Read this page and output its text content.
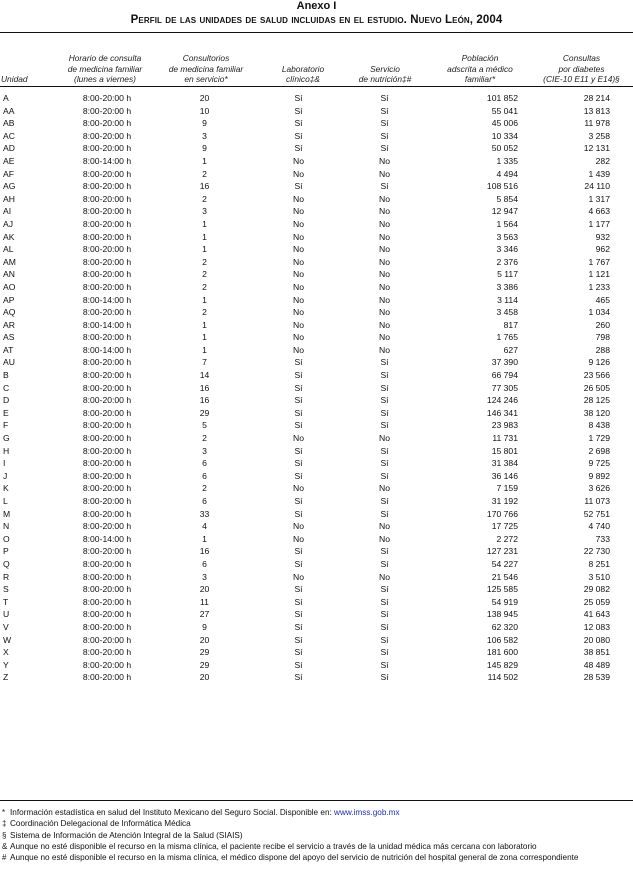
Anexo I
Perfil de las unidades de salud incluidas en el estudio. Nuevo León, 2004
Unidad
Horario de consulta
de medicina familiar
(lunes a viernes)
Consultorios
de medicina familiar
en servicio*
Laboratorio
clínico‡&
Servicio
de nutrición‡#
Población
adscrita a médico
familiar*
Consultas
por diabetes
(CIE-10 E11 y E14)§
A	8:00-20:00 h	20	Sí	Sí	101 852	28 214
AA	8:00-20:00 h	10	Sí	Sí	55 041	13 813
AB	8:00-20:00 h	9	Sí	Sí	45 006	11 978
AC	8:00-20:00 h	3	Sí	Sí	10 334	3 258
AD	8:00-20:00 h	9	Sí	Sí	50 052	12 131
AE	8:00-14:00 h	1	No	No	1 335	282
AF	8:00-20:00 h	2	No	No	4 494	1 439
AG	8:00-20:00 h	16	Sí	Sí	108 516	24 110
AH	8:00-20:00 h	2	No	No	5 854	1 317
AI	8:00-20:00 h	3	No	No	12 947	4 663
AJ	8:00-20:00 h	1	No	No	1 564	1 177
AK	8:00-20:00 h	1	No	No	3 563	932
AL	8:00-20:00 h	1	No	No	3 346	962
AM	8:00-20:00 h	2	No	No	2 376	1 767
AN	8:00-20:00 h	2	No	No	5 117	1 121
AO	8:00-20:00 h	2	No	No	3 386	1 233
AP	8:00-14:00 h	1	No	No	3 114	465
AQ	8:00-20:00 h	2	No	No	3 458	1 034
AR	8:00-14:00 h	1	No	No	817	260
AS	8:00-20:00 h	1	No	No	1 765	798
AT	8:00-14:00 h	1	No	No	627	288
AU	8:00-20:00 h	7	Sí	Sí	37 390	9 126
B	8:00-20:00 h	14	Sí	Sí	66 794	23 566
C	8:00-20:00 h	16	Sí	Sí	77 305	26 505
D	8:00-20:00 h	16	Sí	Sí	124 246	28 125
E	8:00-20:00 h	29	Sí	Sí	146 341	38 120
F	8:00-20:00 h	5	Sí	Sí	23 983	8 438
G	8:00-20:00 h	2	No	No	11 731	1 729
H	8:00-20:00 h	3	Sí	Sí	15 801	2 698
I	8:00-20:00 h	6	Sí	Sí	31 384	9 725
J	8:00-20:00 h	6	Sí	Sí	36 146	9 892
K	8:00-20:00 h	2	No	No	7 159	3 626
L	8:00-20:00 h	6	Sí	Sí	31 192	11 073
M	8:00-20:00 h	33	Sí	Sí	170 766	52 751
N	8:00-20:00 h	4	No	No	17 725	4 740
O	8:00-14:00 h	1	No	No	2 272	733
P	8:00-20:00 h	16	Sí	Sí	127 231	22 730
Q	8:00-20:00 h	6	Sí	Sí	54 227	8 251
R	8:00-20:00 h	3	No	No	21 546	3 510
S	8:00-20:00 h	20	Sí	Sí	125 585	29 082
T	8:00-20:00 h	11	Sí	Sí	54 919	25 059
U	8:00-20:00 h	27	Sí	Sí	138 945	41 643
V	8:00-20:00 h	9	Sí	Sí	62 320	12 083
W	8:00-20:00 h	20	Sí	Sí	106 582	20 080
X	8:00-20:00 h	29	Sí	Sí	181 600	38 851
Y	8:00-20:00 h	29	Sí	Sí	145 829	48 489
Z	8:00-20:00 h	20	Sí	Sí	114 502	28 539
* Información estadística en salud del Instituto Mexicano del Seguro Social. Disponible en: www.imss.gob.mx
‡ Coordinación Delegacional de Informática Médica
§ Sistema de Información de Atención Integral de la Salud (SIAIS)
& Aunque no esté disponible el recurso en la misma clínica, el paciente recibe el servicio a través de la unidad médica más cercana con laboratorio
# Aunque no esté disponible el recurso en la misma clínica, el médico dispone del apoyo del servicio de nutrición del hospital general de zona correspondiente
